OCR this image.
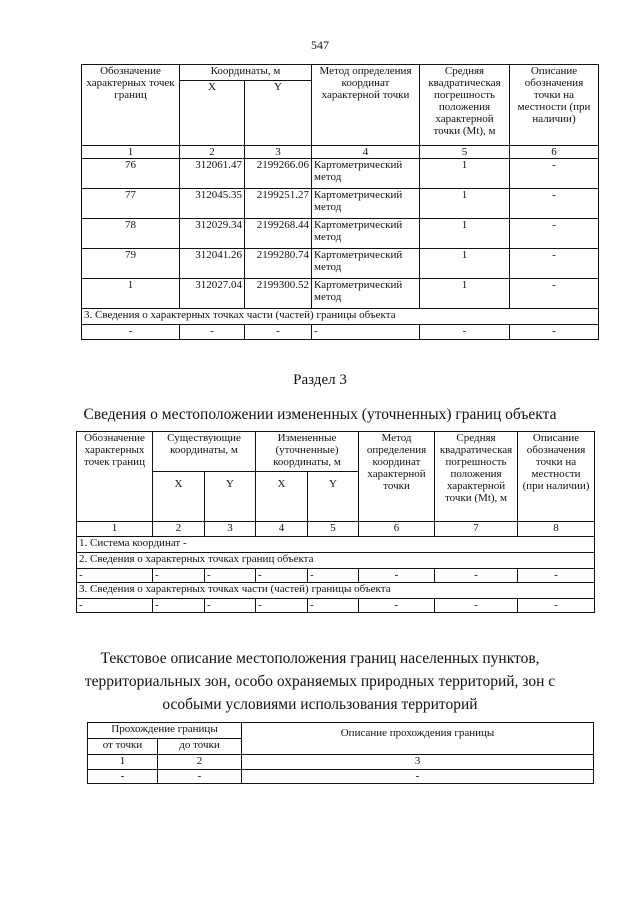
547
Обозначение характерных точек границ	Координаты, м		Метод определения координат характерной точки	Средняя квадратическая погрешность положения характерной точки (Mt), м	Описание обозначения точки на местности (при наличии)
	X	Y			
1	2	3	4	5	6
76	312061.47	2199266.06	Картометрический метод	1	-
77	312045.35	2199251.27	Картометрический метод	1	-
78	312029.34	2199268.44	Картометрический метод	1	-
79	312041.26	2199280.74	Картометрический метод	1	-
1	312027.04	2199300.52	Картометрический метод	1	-
3. Сведения о характерных точках части (частей) границы объекта					
-	-	-	-	-	-
Раздел 3
Сведения о местоположении измененных (уточненных) границ объекта
Обозначение характерных точек границ	Существующие координаты, м		Измененные (уточненные) координаты, м		Метод определения координат характерной точки	Средняя квадратическая погрешность положения характерной точки (Mt), м	Описание обозначения точки на местности (при наличии)
	X	Y	X	Y			
1	2	3	4	5	6	7	8
1. Система координат -							
2. Сведения о характерных точках границ объекта							
-	-	-	-	-	-	-	-
3. Сведения о характерных точках части (частей) границы объекта							
-	-	-	-	-	-	-	-
Текстовое описание местоположения границ населенных пунктов, территориальных зон, особо охраняемых природных территорий, зон с особыми условиями использования территорий
Прохождение границы		Описание прохождения границы
от точки	до точки	
1	2	3
-	-	-
